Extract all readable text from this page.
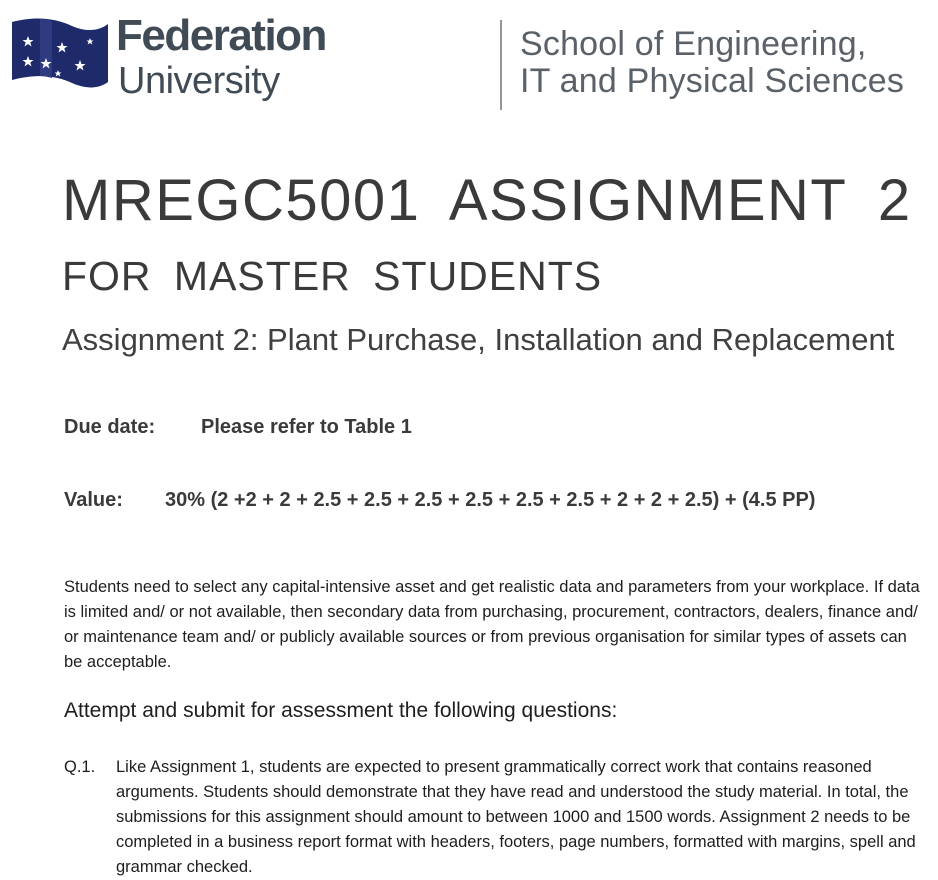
Federation
University
School of Engineering,
IT and Physical Sciences
MREGC5001 ASSIGNMENT 2
FOR MASTER STUDENTS
Assignment 2: Plant Purchase, Installation and Replacement
Due date: Please refer to Table 1
Value: 30% (2 +2 + 2 + 2.5 + 2.5 + 2.5 + 2.5 + 2.5 + 2.5 + 2 + 2 + 2.5) + (4.5 PP)
Students need to select any capital-intensive asset and get realistic data and parameters from your workplace. If data is limited and/ or not available, then secondary data from purchasing, procurement, contractors, dealers, finance and/ or maintenance team and/ or publicly available sources or from previous organisation for similar types of assets can be acceptable.
Attempt and submit for assessment the following questions:
Q.1. Like Assignment 1, students are expected to present grammatically correct work that contains reasoned arguments. Students should demonstrate that they have read and understood the study material. In total, the submissions for this assignment should amount to between 1000 and 1500 words. Assignment 2 needs to be completed in a business report format with headers, footers, page numbers, formatted with margins, spell and grammar checked.
